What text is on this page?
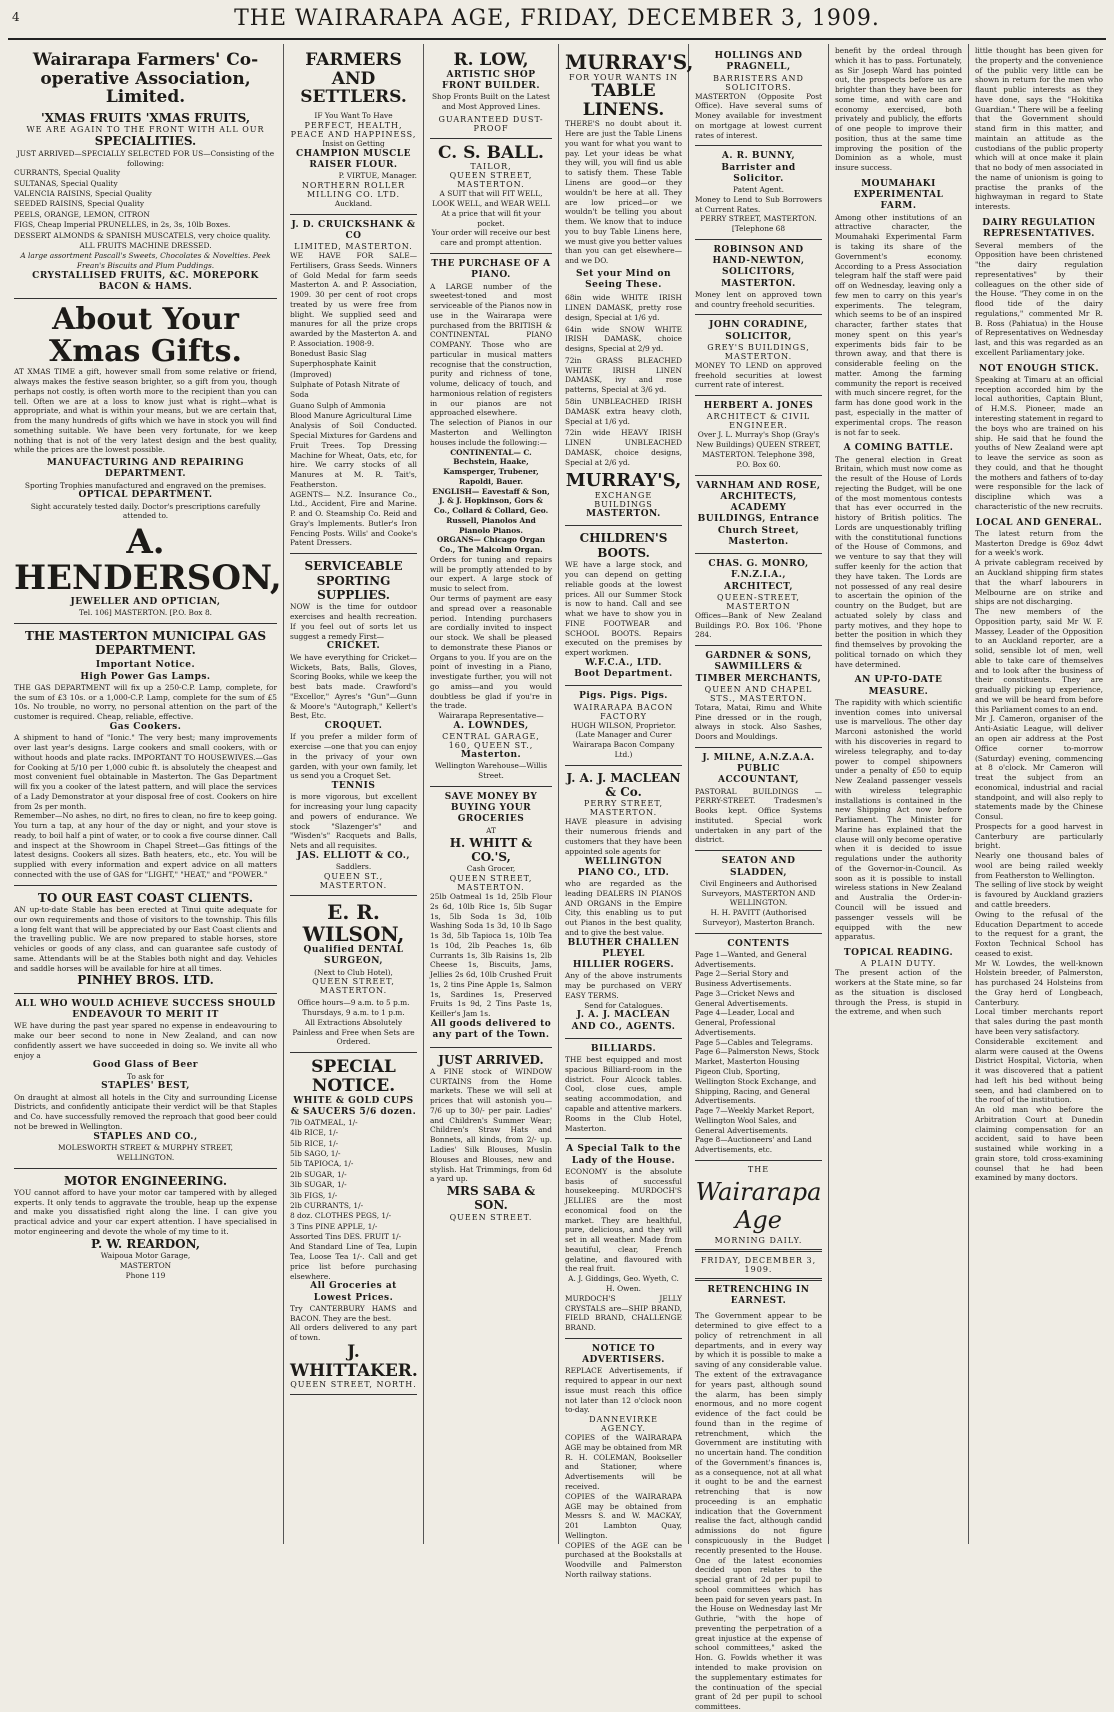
4	THE WAIRARAPA AGE, FRIDAY, DECEMBER 3, 1909.
Wairarapa Farmers' Co-operative Association, Limited.
'XMAS FRUITS 'XMAS FRUITS,
WE ARE AGAIN TO THE FRONT WITH ALL OUR
SPECIALITIES.
JUST ARRIVED—SPECIALLY SELECTED FOR US—Consisting of the following:
CURRANTS, Special Quality
SULTANAS, Special Quality
VALENCIA RAISINS, Special Quality
SEEDED RAISINS, Special Quality
PEELS, ORANGE, LEMON, CITRON
FIGS, Cheap Imperial PRUNELLES, in 2s, 3s, 10lb Boxes.
DESSERT ALMONDS & SPANISH MUSCATELS, very choice quality.
ALL FRUITS MACHINE DRESSED.
A large assortment Pascall's Sweets, Chocolates & Novelties. Peek Frean's Biscuits and Plum Puddings.
CRYSTALLISED FRUITS, &C. MOREPORK BACON & HAMS.
About Your Xmas Gifts.
AT XMAS TIME a gift, however small from some relative or friend, always makes the festive season brighter, so a gift from you, though perhaps not costly, is often worth more to the recipient than you can tell. Often we are at a loss to know just what is right—what is appropriate, and what is within your means, but we are certain that, from the many hundreds of gifts which we have in stock you will find something suitable. We have been very fortunate, for we keep nothing that is not of the very latest design and the best quality, while the prices are the lowest possible.
MANUFACTURING AND REPAIRING DEPARTMENT.
Sporting Trophies manufactured and engraved on the premises.
OPTICAL DEPARTMENT.
Sight accurately tested daily. Doctor's prescriptions carefully attended to.
A. HENDERSON,
JEWELLER AND OPTICIAN,
Tel. 106] MASTERTON. [P.O. Box 8.
THE MASTERTON MUNICIPAL GAS DEPARTMENT.
Important Notice.
High Power Gas Lamps.
THE GAS DEPARTMENT will fix up a 250-C.P. Lamp, complete, for the sum of £3 10s. or a 1,000-C.P. Lamp, complete for the sum of £5 10s. No trouble, no worry, no personal attention on the part of the customer is required. Cheap, reliable, effective.
Gas Cookers.
A shipment to hand of "Ionic." The very best; many improvements over last year's designs. Large cookers and small cookers, with or without hoods and plate racks. IMPORTANT TO HOUSEWIVES.—Gas for Cooking at 5/10 per 1,000 cubic ft. is absolutely the cheapest and most convenient fuel obtainable in Masterton. The Gas Department will fix you a cooker of the latest pattern, and will place the services of a Lady Demonstrator at your disposal free of cost. Cookers on hire from 2s per month.
Remember—No ashes, no dirt, no fires to clean, no fire to keep going. You turn a tap, at any hour of the day or night, and your stove is ready, to boil half a pint of water, or to cook a five course dinner. Call and inspect at the Showroom in Chapel Street—Gas fittings of the latest designs. Cookers all sizes. Bath heaters, etc., etc. You will be supplied with every information and expert advice on all matters connected with the use of GAS for "LIGHT," "HEAT," and "POWER."
TO OUR EAST COAST CLIENTS.
AN up-to-date Stable has been erected at Tinui quite adequate for our own requirements and those of visitors to the township. This fills a long felt want that will be appreciated by our East Coast clients and the travelling public. We are now prepared to stable horses, store vehicles or goods of any class, and can guarantee safe custody of same. Attendants will be at the Stables both night and day. Vehicles and saddle horses will be available for hire at all times.
PINHEY BROS. LTD.
ALL WHO WOULD ACHIEVE SUCCESS SHOULD ENDEAVOUR TO MERIT IT
WE have during the past year spared no expense in endeavouring to make our beer second to none in New Zealand, and can now confidently assert we have succeeded in doing so. We invite all who enjoy a
Good Glass of Beer
To ask for
STAPLES' BEST,
On draught at almost all hotels in the City and surrounding License Districts, and confidently anticipate their verdict will be that Staples and Co. have successfully removed the reproach that good beer could not be brewed in Wellington.
STAPLES AND CO.,
MOLESWORTH STREET & MURPHY STREET,
WELLINGTON.
MOTOR ENGINEERING.
YOU cannot afford to have your motor car tampered with by alleged experts. It only tends to aggravate the trouble, heap up the expense and make you dissatisfied right along the line. I can give you practical advice and your car expert attention. I have specialised in motor engineering and devote the whole of my time to it.
P. W. REARDON,
Waipoua Motor Garage,
MASTERTON
Phone 119
FARMERS AND SETTLERS.
IF You Want To Have
PERFECT, HEALTH, PEACE AND HAPPINESS,
Insist on Getting
CHAMPION MUSCLE RAISER FLOUR.
P. VIRTUE, Manager.
NORTHERN ROLLER MILLING CO. LTD.
Auckland.
J. D. CRUICKSHANK & CO
LIMITED, MASTERTON.
WE HAVE FOR SALE—Fertilisers, Grass Seeds. Winners of Gold Medal for farm seeds Masterton A. and P. Association, 1909. 30 per cent of root crops treated by us were free from blight. We supplied seed and manures for all the prize crops awarded by the Masterton A. and P. Association. 1908-9.
Bonedust Basic Slag
Superphosphate Kainit (Improved)
Sulphate of Potash Nitrate of Soda
Guano Sulph of Ammonia
Blood Manure Agricultural Lime
Analysis of Soil Conducted. Special Mixtures for Gardens and Fruit Trees. Top Dressing Machine for Wheat, Oats, etc, for hire. We carry stocks of all Manures at M. R. Tait's, Featherston.
AGENTS— N.Z. Insurance Co., Ltd., Accident, Fire and Marine. P. and O. Steamship Co. Reid and Gray's Implements. Butler's Iron Fencing Posts. Wills' and Cooke's Patent Dressers.
SERVICEABLE SPORTING SUPPLIES.
NOW is the time for outdoor exercises and health recreation. If you feel out of sorts let us suggest a remedy First—
CRICKET.
We have everything for Cricket—Wickets, Bats, Balls, Gloves, Scoring Books, while we keep the best bats made. Crawford's "Excellor," Ayres's "Gun"—Gunn & Moore's "Autograph," Kellert's Best, Etc.
CROQUET.
If you prefer a milder form of exercise —one that you can enjoy in the privacy of your own garden, with your own family, let us send you a Croquet Set.
TENNIS
is more vigorous, but excellent for increasing your lung capacity and powers of endurance. We stock "Slazenger's" and "Wisden's" Racquets and Balls, Nets and all requisites.
JAS. ELLIOTT & CO.,
Saddlers.
QUEEN ST., MASTERTON.
E. R. WILSON,
Qualified DENTAL SURGEON,
(Next to Club Hotel),
QUEEN STREET, MASTERTON.
Office hours—9 a.m. to 5 p.m. Thursdays, 9 a.m. to 1 p.m.
All Extractions Absolutely Painless and Free when Sets are Ordered.
SPECIAL NOTICE.
WHITE & GOLD CUPS & SAUCERS 5/6 dozen.
7lb OATMEAL, 1/-
4lb RICE, 1/-
5lb RICE, 1/-
5lb SAGO, 1/-
5lb TAPIOCA, 1/-
2lb SUGAR, 1/-
3lb SUGAR, 1/-
3lb FIGS, 1/-
2lb CURRANTS, 1/-
8 doz. CLOTHES PEGS, 1/-
3 Tins PINE APPLE, 1/-
Assorted Tins DES. FRUIT 1/-
And Standard Line of Tea, Lupin Tea, Loose Tea 1/-. Call and get price list before purchasing elsewhere.
All Groceries at Lowest Prices.
Try CANTERBURY HAMS and BACON. They are the best.
All orders delivered to any part of town.
J. WHITTAKER.
QUEEN STREET, NORTH.
R. LOW,
ARTISTIC SHOP FRONT BUILDER.
Shop Fronts Built on the Latest and Most Approved Lines.
GUARANTEED DUST-PROOF
C. S. BALL.
TAILOR,
QUEEN STREET, MASTERTON.
A SUIT that will FIT WELL, LOOK WELL, and WEAR WELL
At a price that will fit your pocket.
Your order will receive our best care and prompt attention.
THE PURCHASE OF A PIANO.
A LARGE number of the sweetest-toned and most serviceable of the Pianos now in use in the Wairarapa were purchased from the BRITISH & CONTINENTAL PIANO COMPANY. Those who are particular in musical matters recognise that the construction, purity and richness of tone, volume, delicacy of touch, and harmonious relation of registers in our pianos are not approached elsewhere.
The selection of Pianos in our Masterton and Wellington houses include the following:—
CONTINENTAL— C. Bechstein, Haake, Kamsperger, Trubener, Rapoldi, Bauer.
ENGLISH— Eavestaff & Son, J. & J. Hopkinson, Gors & Co., Collard & Collard, Geo. Russell, Pianolos And Pianolo Pianos.
ORGANS— Chicago Organ Co., The Malcolm Organ.
Orders for tuning and repairs will be promptly attended to by our expert. A large stock of music to select from.
Our terms of payment are easy and spread over a reasonable period. Intending purchasers are cordially invited to inspect our stock. We shall be pleased to demonstrate these Pianos or Organs to you. If you are on the point of investing in a Piano, investigate further, you will not go amiss—and you would doubtless be glad if you're in the trade.
Wairarapa Representative—
A. LOWNDES,
CENTRAL GARAGE, 160, QUEEN ST.,
Masterton.
Wellington Warehouse—Willis Street.
SAVE MONEY BY BUYING YOUR GROCERIES
AT
H. WHITT & CO.'S,
Cash Grocer,
QUEEN STREET, MASTERTON.
25lb Oatmeal 1s 1d, 25lb Flour 2s 6d, 10lb Rice 1s, 5lb Sugar 1s, 5lb Soda 1s 3d, 10lb Washing Soda 1s 3d, 10 lb Sago 1s 3d, 5lb Tapioca 1s, 10lb Tea 1s 10d, 2lb Peaches 1s, 6lb Currants 1s, 3lb Raisins 1s, 2lb Cheese 1s, Biscuits, Jams, Jellies 2s 6d, 10lb Crushed Fruit 1s, 2 tins Pine Apple 1s, Salmon 1s, Sardines 1s, Preserved Fruits 1s 9d, 2 Tins Paste 1s, Keiller's Jam 1s.
All goods delivered to any part of the Town.
JUST ARRIVED.
A FINE stock of WINDOW CURTAINS from the Home markets. These we will sell at prices that will astonish you—7/6 up to 30/- per pair. Ladies' and Children's Summer Wear; Children's Straw Hats and Bonnets, all kinds, from 2/- up. Ladies' Silk Blouses, Muslin Blouses and Blouses, new and stylish. Hat Trimmings, from 6d a yard up.
MRS SABA & SON.
QUEEN STREET.
MURRAY'S,
FOR YOUR WANTS IN
TABLE LINENS.
THERE'S no doubt about it. Here are just the Table Linens you want for what you want to pay. Let your ideas be what they will, you will find us able to satisfy them. These Table Linens are good—or they wouldn't be here at all. They are low priced—or we wouldn't be telling you about them. We know that to induce you to buy Table Linens here, we must give you better values than you can get elsewhere—and we DO.
Set your Mind on Seeing These.
68in wide WHITE IRISH LINEN DAMASK, pretty rose design, Special at 1/6 yd.
64in wide SNOW WHITE IRISH DAMASK, choice designs, Special at 2/9 yd.
72in GRASS BLEACHED WHITE IRISH LINEN DAMASK, ivy and rose patterns, Special at 3/6 yd.
58in UNBLEACHED IRISH DAMASK extra heavy cloth, Special at 1/6 yd.
72in wide HEAVY IRISH LINEN UNBLEACHED DAMASK, choice designs, Special at 2/6 yd.
MURRAY'S,
EXCHANGE BUILDINGS
MASTERTON.
CHILDREN'S BOOTS.
WE have a large stock, and you can depend on getting reliable goods at the lowest prices. All our Summer Stock is now to hand. Call and see what we have to show you in FINE FOOTWEAR and SCHOOL BOOTS. Repairs executed on the premises by expert workmen.
W.F.C.A., LTD.
Boot Department.
Pigs. Pigs. Pigs.
WAIRARAPA BACON FACTORY
HUGH WILSON, Proprietor.
(Late Manager and Curer Wairarapa Bacon Company Ltd.)
J. A. J. MACLEAN & Co.
PERRY STREET, MASTERTON.
HAVE pleasure in advising their numerous friends and customers that they have been appointed sole agents for
WELLINGTON PIANO CO., LTD.
who are regarded as the leading DEALERS IN PIANOS AND ORGANS in the Empire City, this enabling us to put out Pianos in the best quality, and to give the best value.
BLUTHER CHALLEN PLEYEL
HILLIER ROGERS.
Any of the above instruments may be purchased on VERY EASY TERMS.
Send for Catalogues.
J. A. J. MACLEAN AND CO., AGENTS.
BILLIARDS.
THE best equipped and most spacious Billiard-room in the district. Four Alcock tables. Cool, close cues, ample seating accommodation, and capable and attentive markers. Rooms in the Club Hotel, Masterton.
A Special Talk to the Lady of the House.
ECONOMY is the absolute basis of successful housekeeping. MURDOCH'S JELLIES are the most economical food on the market. They are healthful, pure, delicious, and they will set in all weather. Made from beautiful, clear, French gelatine, and flavoured with the real fruit.
A. J. Giddings, Geo. Wyeth, C. H. Owen.
MURDOCH'S JELLY CRYSTALS are—SHIP BRAND, FIELD BRAND, CHALLENGE BRAND.
NOTICE TO ADVERTISERS.
REPLACE Advertisements, if required to appear in our next issue must reach this office not later than 12 o'clock noon to-day.
DANNEVIRKE AGENCY.
COPIES of the WAIRARAPA AGE may be obtained from MR R. H. COLEMAN, Bookseller and Stationer, where Advertisements will be received.
COPIES of the WAIRARAPA AGE may be obtained from Messrs S. and W. MACKAY, 201 Lambton Quay, Wellington.
COPIES of the AGE can be purchased at the Bookstalls at Woodville and Palmerston North railway stations.
HOLLINGS AND PRAGNELL,
BARRISTERS AND SOLICITORS.
MASTERTON (Opposite Post Office). Have several sums of Money available for investment on mortgage at lowest current rates of interest.
A. R. BUNNY, Barrister and Solicitor.
Patent Agent.
Money to Lend to Sub Borrowers at Current Rates.
PERRY STREET, MASTERTON. [Telephone 68
ROBINSON AND HAND-NEWTON, SOLICITORS, MASTERTON.
Money lent on approved town and country freehold securities.
JOHN CORADINE, SOLICITOR,
GREY'S BUILDINGS, MASTERTON.
MONEY TO LEND on approved freehold securities at lowest current rate of interest.
HERBERT A. JONES
ARCHITECT & CIVIL ENGINEER.
Over J. L. Murray's Shop (Gray's New Buildings) QUEEN STREET, MASTERTON. Telephone 398, P.O. Box 60.
VARNHAM AND ROSE, ARCHITECTS, ACADEMY BUILDINGS, Entrance Church Street, Masterton.
CHAS. G. MONRO, F.N.Z.I.A., ARCHITECT,
QUEEN-STREET, MASTERTON
Offices—Bank of New Zealand Buildings P.O. Box 106. 'Phone 284.
GARDNER & SONS, SAWMILLERS & TIMBER MERCHANTS,
QUEEN AND CHAPEL STS., MASTERTON.
Totara, Matai, Rimu and White Pine dressed or in the rough, always in stock. Also Sashes, Doors and Mouldings.
J. MILNE, A.N.Z.A.A. PUBLIC ACCOUNTANT,
PASTORAL BUILDINGS — PERRY-STREET. Tradesmen's Books kept. Office Systems instituted. Special work undertaken in any part of the district.
SEATON AND SLADDEN,
Civil Engineers and Authorised Surveyors, MASTERTON AND WELLINGTON.
H. H. PAVITT (Authorised Surveyor), Masterton Branch.
CONTENTS
Page 1—Wanted, and General Advertisements.
Page 2—Serial Story and Business Advertisements.
Page 3—Cricket News and General Advertisements.
Page 4—Leader, Local and General, Professional Advertisements.
Page 5—Cables and Telegrams.
Page 6—Palmerston News, Stock Market, Masterton Housing Pigeon Club, Sporting, Wellington Stock Exchange, and Shipping, Racing, and General Advertisements.
Page 7—Weekly Market Report, Wellington Wool Sales, and General Advertisements.
Page 8—Auctioneers' and Land Advertisements, etc.
THE
Wairarapa Age
MORNING DAILY.
FRIDAY, DECEMBER 3, 1909.
RETRENCHING IN EARNEST.
The Government appear to be determined to give effect to a policy of retrenchment in all departments, and in every way by which it is possible to make a saving of any considerable value. The extent of the extravagance for years past, although sound the alarm, has been simply enormous, and no more cogent evidence of the fact could be found than in the regime of retrenchment, which the Government are instituting with no uncertain hand. The condition of the Government's finances is, as a consequence, not at all what it ought to be and the earnest retrenching that is now proceeding is an emphatic indication that the Government realise the fact, although candid admissions do not figure conspicuously in the Budget recently presented to the House. One of the latest economies decided upon relates to the special grant of 2d per pupil to school committees which has been paid for seven years past. In the House on Wednesday last Mr Guthrie, "with the hope of preventing the perpetration of a great injustice at the expense of school committees," asked the Hon. G. Fowlds whether it was intended to make provision on the supplementary estimates for the continuation of the special grant of 2d per pupil to school committees.
benefit by the ordeal through which it has to pass. Fortunately, as Sir Joseph Ward has pointed out, the prospects before us are brighter than they have been for some time, and with care and economy exercised, both privately and publicly, the efforts of one people to improve their position, thus at the same time improving the position of the Dominion as a whole, must insure success.
MOUMAHAKI EXPERIMENTAL FARM.
Among other institutions of an attractive character, the Moumahaki Experimental Farm is taking its share of the Government's economy. According to a Press Association telegram half the staff were paid off on Wednesday, leaving only a few men to carry on this year's experiments. The telegram, which seems to be of an inspired character, farther states that money spent on this year's experiments bids fair to be thrown away, and that there is considerable feeling on the matter. Among the farming community the report is received with much sincere regret, for the farm has done good work in the past, especially in the matter of experimental crops. The reason is not far to seek.
A COMING BATTLE.
The general election in Great Britain, which must now come as the result of the House of Lords rejecting the Budget, will be one of the most momentous contests that has ever occurred in the history of British politics. The Lords are unquestionably trifling with the constitutional functions of the House of Commons, and we venture to say that they will suffer keenly for the action that they have taken. The Lords are not possessed of any real desire to ascertain the opinion of the country on the Budget, but are actuated solely by class and party motives, and they hope to better the position in which they find themselves by provoking the political tornado on which they have determined.
AN UP-TO-DATE MEASURE.
The rapidity with which scientific invention comes into universal use is marvellous. The other day Marconi astonished the world with his discoveries in regard to wireless telegraphy, and to-day power to compel shipowners under a penalty of £50 to equip New Zealand passenger vessels with wireless telegraphic installations is contained in the new Shipping Act now before Parliament. The Minister for Marine has explained that the clause will only become operative when it is decided to issue regulations under the authority of the Governor-in-Council. As soon as it is possible to install wireless stations in New Zealand and Australia the Order-in-Council will be issued and passenger vessels will be equipped with the new apparatus.
TOPICAL READING.
A PLAIN DUTY.
The present action of the workers at the State mine, so far as the situation is disclosed through the Press, is stupid in the extreme, and when such
little thought has been given for the property and the convenience of the public very little can be shown in return for the men who flaunt public interests as they have done, says the "Hokitika Guardian." There will be a feeling that the Government should stand firm in this matter, and maintain an attitude as the custodians of the public property which will at once make it plain that no body of men associated in the name of unionism is going to practise the pranks of the highwayman in regard to State interests.
DAIRY REGULATION REPRESENTATIVES.
Several members of the Opposition have been christened "the dairy regulation representatives" by their colleagues on the other side of the House. "They come in on the flood tide of the dairy regulations," commented Mr R. B. Ross (Pahiatua) in the House of Representatives on Wednesday last, and this was regarded as an excellent Parliamentary joke.
NOT ENOUGH STICK.
Speaking at Timaru at an official reception accorded him by the local authorities, Captain Blunt, of H.M.S. Pioneer, made an interesting statement in regard to the boys who are trained on his ship. He said that he found the youths of New Zealand were apt to leave the service as soon as they could, and that he thought the mothers and fathers of to-day were responsible for the lack of discipline which was a characteristic of the new recruits.
LOCAL AND GENERAL.
The latest return from the Masterton Dredge is 69oz 4dwt for a week's work.
A private cablegram received by an Auckland shipping firm states that the wharf labourers in Melbourne are on strike and ships are not discharging.
The new members of the Opposition party, said Mr W. F. Massey, Leader of the Opposition to an Auckland reporter, are a solid, sensible lot of men, well able to take care of themselves and to look after the business of their constituents. They are gradually picking up experience, and we will be heard from before this Parliament comes to an end.
Mr J. Cameron, organiser of the Anti-Asiatic League, will deliver an open air address at the Post Office corner to-morrow (Saturday) evening, commencing at 8 o'clock. Mr Cameron will treat the subject from an economical, industrial and racial standpoint, and will also reply to statements made by the Chinese Consul.
Prospects for a good harvest in Canterbury are particularly bright.
Nearly one thousand bales of wool are being railed weekly from Featherston to Wellington.
The selling of live stock by weight is favoured by Auckland graziers and cattle breeders.
Owing to the refusal of the Education Department to accede to the request for a grant, the Foxton Technical School has ceased to exist.
Mr W. Lowdes, the well-known Holstein breeder, of Palmerston, has purchased 24 Holsteins from the Gray herd of Longbeach, Canterbury.
Local timber merchants report that sales during the past month have been very satisfactory.
Considerable excitement and alarm were caused at the Owens District Hospital, Victoria, when it was discovered that a patient had left his bed without being seen, and had clambered on to the roof of the institution.
An old man who before the Arbitration Court at Dunedin claiming compensation for an accident, said to have been sustained while working in a grain store, told cross-examining counsel that he had been examined by many doctors.
